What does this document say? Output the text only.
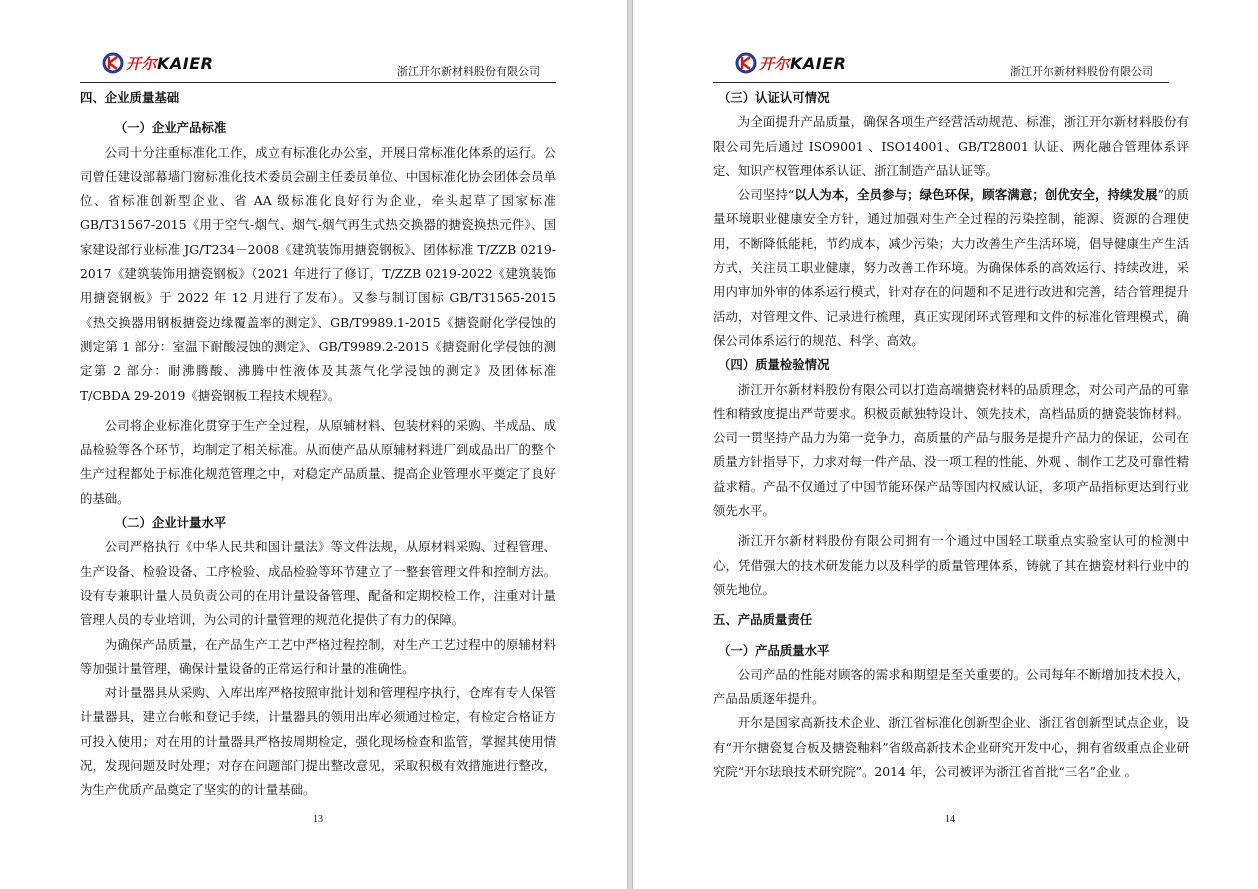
开尔KAIER	浙江开尔新材料股份有限公司

四、企业质量基础

（一）企业产品标准

公司十分注重标准化工作，成立有标准化办公室，开展日常标准化体系的运行。公司曾任建设部幕墙门窗标准化技术委员会副主任委员单位、中国标准化协会团体会员单位、省标准创新型企业、省 AA 级标准化良好行为企业，牵头起草了国家标准GB/T31567-2015《用于空气-烟气、烟气-烟气再生式热交换器的搪瓷换热元件》、国家建设部行业标准 JG/T234－2008《建筑装饰用搪瓷钢板》、团体标准 T/ZZB 0219-2017《建筑装饰用搪瓷钢板》（2021 年进行了修订，T/ZZB 0219-2022《建筑装饰用搪瓷钢板》于 2022 年 12 月进行了发布）。又参与制订国标 GB/T31565-2015《热交换器用钢板搪瓷边缘覆盖率的测定》、GB/T9989.1-2015《搪瓷耐化学侵蚀的测定第 1 部分：室温下耐酸浸蚀的测定》、GB/T9989.2-2015《搪瓷耐化学侵蚀的测定第 2 部分：耐沸腾酸、沸腾中性液体及其蒸气化学浸蚀的测定》及团体标准 T/CBDA 29-2019《搪瓷钢板工程技术规程》。

公司将企业标准化贯穿于生产全过程，从原辅材料、包装材料的采购、半成品、成品检验等各个环节，均制定了相关标准。从而使产品从原辅材料进厂到成品出厂的整个生产过程都处于标准化规范管理之中，对稳定产品质量、提高企业管理水平奠定了良好的基础。

（二）企业计量水平

公司严格执行《中华人民共和国计量法》等文件法规，从原材料采购、过程管理、生产设备、检验设备、工序检验、成品检验等环节建立了一整套管理文件和控制方法。设有专兼职计量人员负责公司的在用计量设备管理、配备和定期校检工作，注重对计量管理人员的专业培训，为公司的计量管理的规范化提供了有力的保障。

为确保产品质量，在产品生产工艺中严格过程控制，对生产工艺过程中的原辅材料等加强计量管理，确保计量设备的正常运行和计量的准确性。

对计量器具从采购、入库出库严格按照审批计划和管理程序执行，仓库有专人保管计量器具，建立台帐和登记手续，计量器具的领用出库必须通过检定，有检定合格证方可投入使用；对在用的计量器具严格按周期检定，强化现场检查和监管，掌握其使用情况，发现问题及时处理；对存在问题部门提出整改意见，采取积极有效措施进行整改，为生产优质产品奠定了坚实的的计量基础。

13
开尔KAIER	浙江开尔新材料股份有限公司

（三）认证认可情况

为全面提升产品质量，确保各项生产经营活动规范、标准，浙江开尔新材料股份有限公司先后通过 ISO9001 、ISO14001、GB/T28001 认证、两化融合管理体系评定、知识产权管理体系认证、浙江制造产品认证等。

公司坚持“以人为本，全员参与；绿色环保，顾客满意；创优安全，持续发展”的质量环境职业健康安全方针，通过加强对生产全过程的污染控制，能源、资源的合理使用，不断降低能耗，节约成本，减少污染；大力改善生产生活环境，倡导健康生产生活方式，关注员工职业健康，努力改善工作环境。为确保体系的高效运行、持续改进，采用内审加外审的体系运行模式，针对存在的问题和不足进行改进和完善，结合管理提升活动，对管理文件、记录进行梳理，真正实现闭环式管理和文件的标准化管理模式，确保公司体系运行的规范、科学、高效。

（四）质量检验情况

浙江开尔新材料股份有限公司以打造高端搪瓷材料的品质理念，对公司产品的可靠性和精致度提出严苛要求。积极贡献独特设计、领先技术，高档品质的搪瓷装饰材料。公司一贯坚持产品力为第一竞争力，高质量的产品与服务是提升产品力的保证，公司在质量方针指导下，力求对每一件产品、没一项工程的性能、外观 、制作工艺及可靠性精益求精。产品不仅通过了中国节能环保产品等国内权威认证，多项产品指标更达到行业领先水平。

浙江开尔新材料股份有限公司拥有一个通过中国轻工联重点实验室认可的检测中心，凭借强大的技术研发能力以及科学的质量管理体系，铸就了其在搪瓷材料行业中的领先地位。

五、产品质量责任

（一）产品质量水平

公司产品的性能对顾客的需求和期望是至关重要的。公司每年不断增加技术投入，产品品质逐年提升。

开尔是国家高新技术企业、浙江省标准化创新型企业、浙江省创新型试点企业，设有“开尔搪瓷复合板及搪瓷釉料”省级高新技术企业研究开发中心，拥有省级重点企业研究院“开尔珐琅技术研究院”。2014 年，公司被评为浙江省首批“三名”企业 。

14
